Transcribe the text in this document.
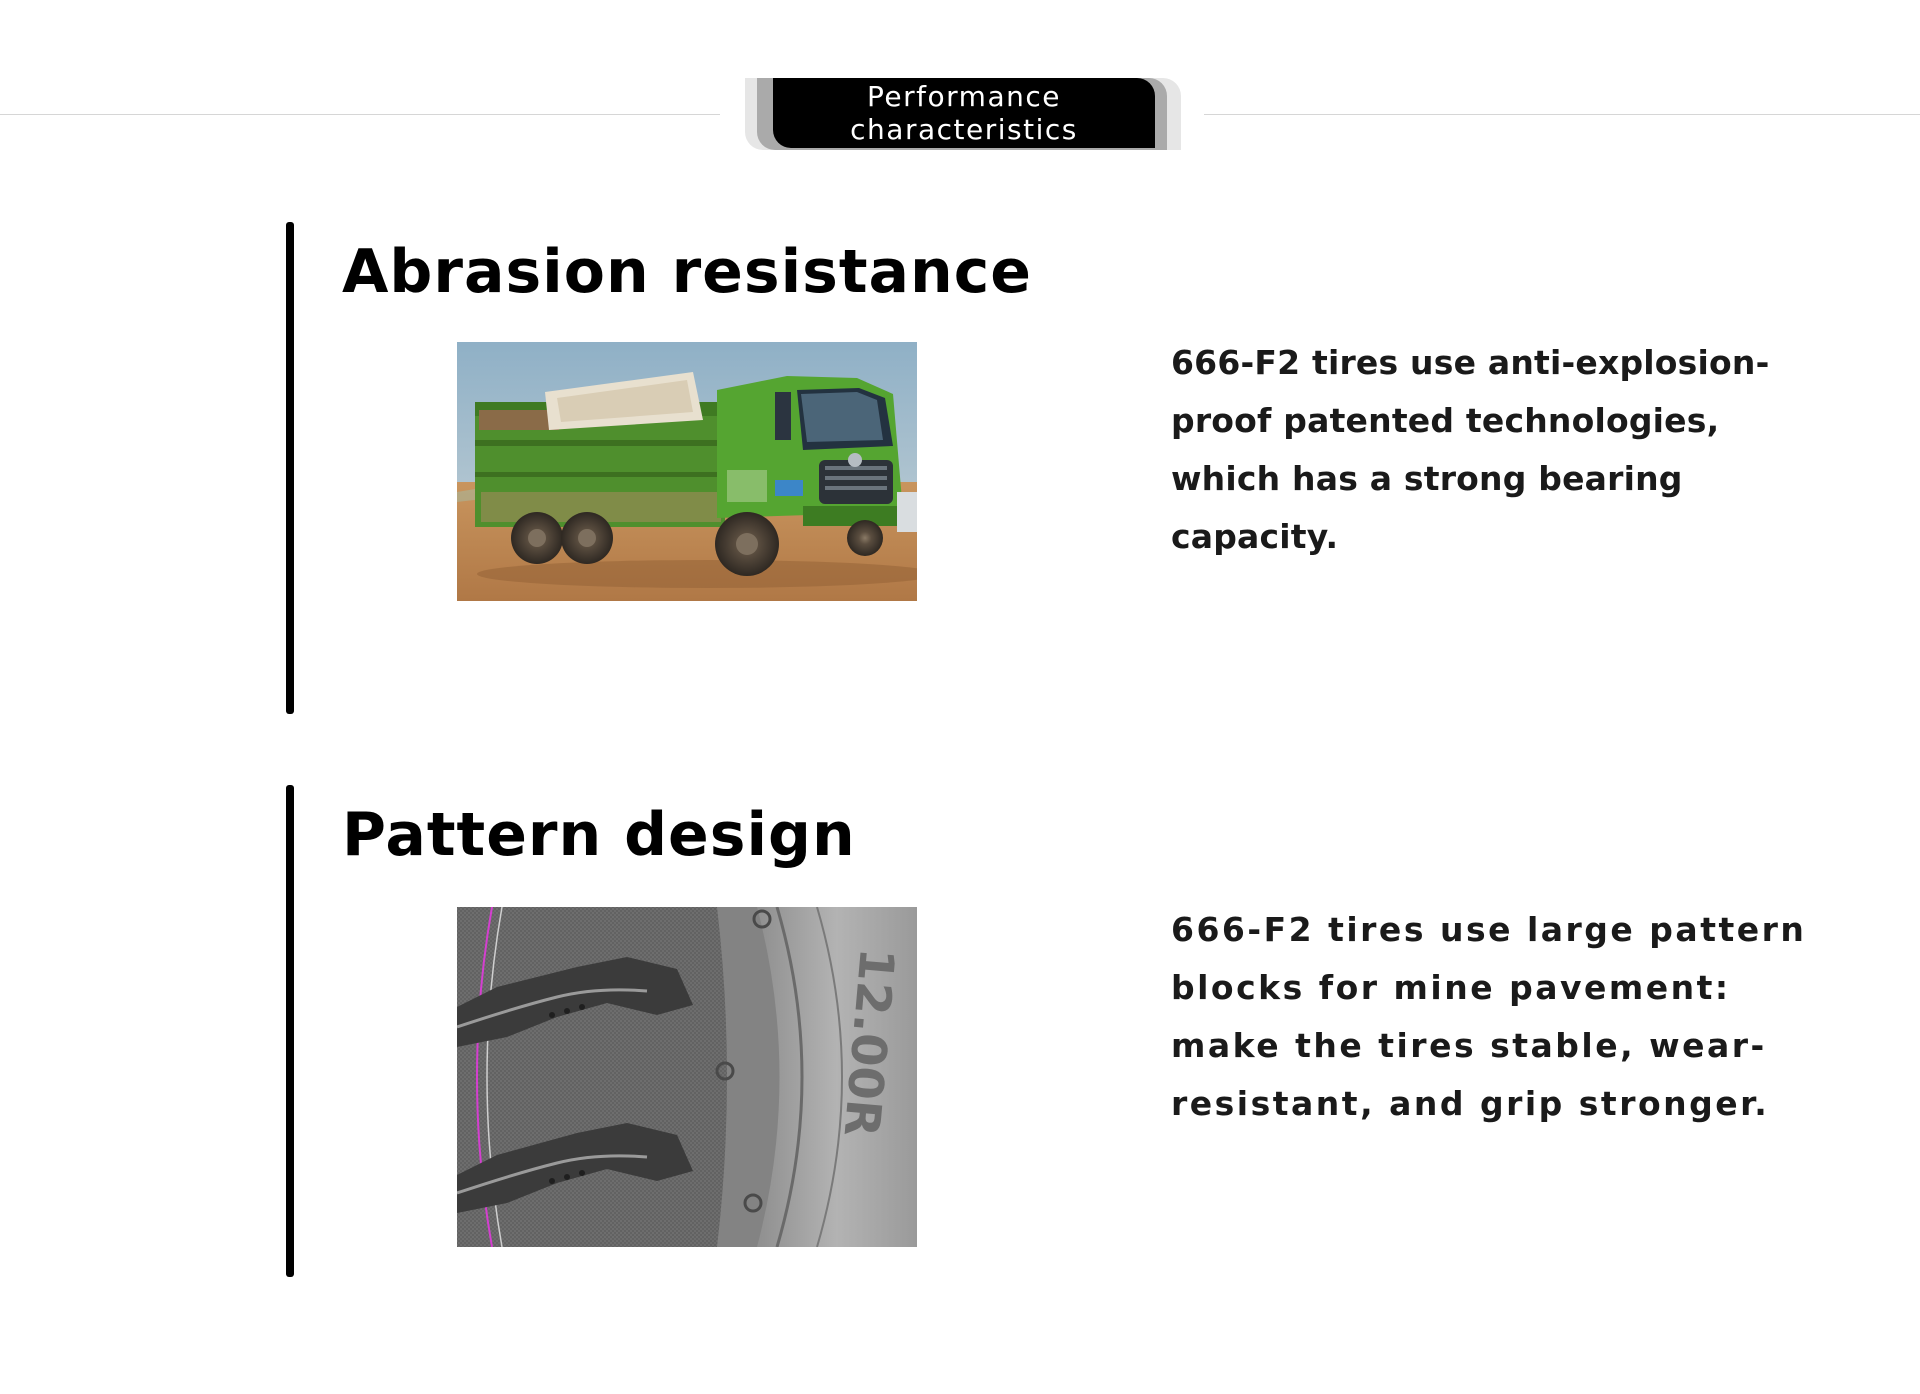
Performance characteristics
Abrasion resistance

666-F2 tires use anti-explosion-proof patented technologies, which has a strong bearing capacity.

Pattern design
12.00R

666-F2 tires use large pattern blocks for mine pavement: make the tires stable, wear-resistant, and grip stronger.
